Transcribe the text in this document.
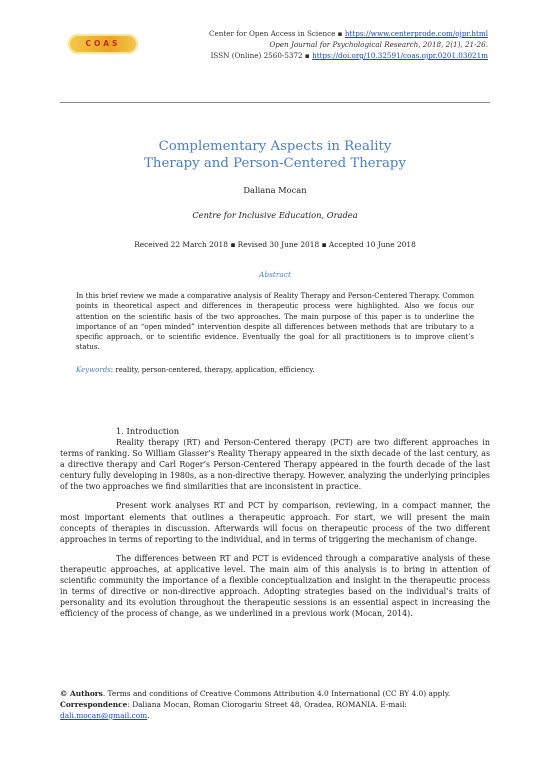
COAS
Center for Open Access in Science ▪ https://www.centerprode.com/ojpr.html
Open Journal for Psychological Research, 2018, 2(1), 21-26.
ISSN (Online) 2560-5372 ▪ https://doi.org/10.32591/coas.ojpr.0201.03021m
Complementary Aspects in Reality
Therapy and Person-Centered Therapy
Daliana Mocan
Centre for Inclusive Education, Oradea
Received 22 March 2018 ▪ Revised 30 June 2018 ▪ Accepted 10 June 2018
Abstract
In this brief review we made a comparative analysis of Reality Therapy and Person-Centered Therapy. Common points in theoretical aspect and differences in therapeutic process were highlighted. Also we focus our attention on the scientific basis of the two approaches. The main purpose of this paper is to underline the importance of an “open minded” intervention despite all differences between methods that are tributary to a specific approach, or to scientific evidence. Eventually the goal for all practitioners is to improve client’s status.
Keywords: reality, person-centered, therapy, application, efficiency.
1. Introduction

Reality therapy (RT) and Person-Centered therapy (PCT) are two different approaches in terms of ranking. So William Glasser’s Reality Therapy appeared in the sixth decade of the last century, as a directive therapy and Carl Roger’s Person-Centered Therapy appeared in the fourth decade of the last century fully developing in 1980s, as a non-directive therapy. However, analyzing the underlying principles of the two approaches we find similarities that are inconsistent in practice.

Present work analyses RT and PCT by comparison, reviewing, in a compact manner, the most important elements that outlines a therapeutic approach. For start, we will present the main concepts of therapies in discussion. Afterwards will focus on therapeutic process of the two different approaches in terms of reporting to the individual, and in terms of triggering the mechanism of change.

The differences between RT and PCT is evidenced through a comparative analysis of these therapeutic approaches, at applicative level. The main aim of this analysis is to bring in attention of scientific community the importance of a flexible conceptualization and insight in the therapeutic process in terms of directive or non-directive approach. Adopting strategies based on the individual’s traits of personality and its evolution throughout the therapeutic sessions is an essential aspect in increasing the efficiency of the process of change, as we underlined in a previous work (Mocan, 2014).

© Authors. Terms and conditions of Creative Commons Attribution 4.0 International (CC BY 4.0) apply.
Correspondence: Daliana Mocan, Roman Ciorogariu Street 48, Oradea, ROMANIA. E-mail: dali.mocan@gmail.com.
